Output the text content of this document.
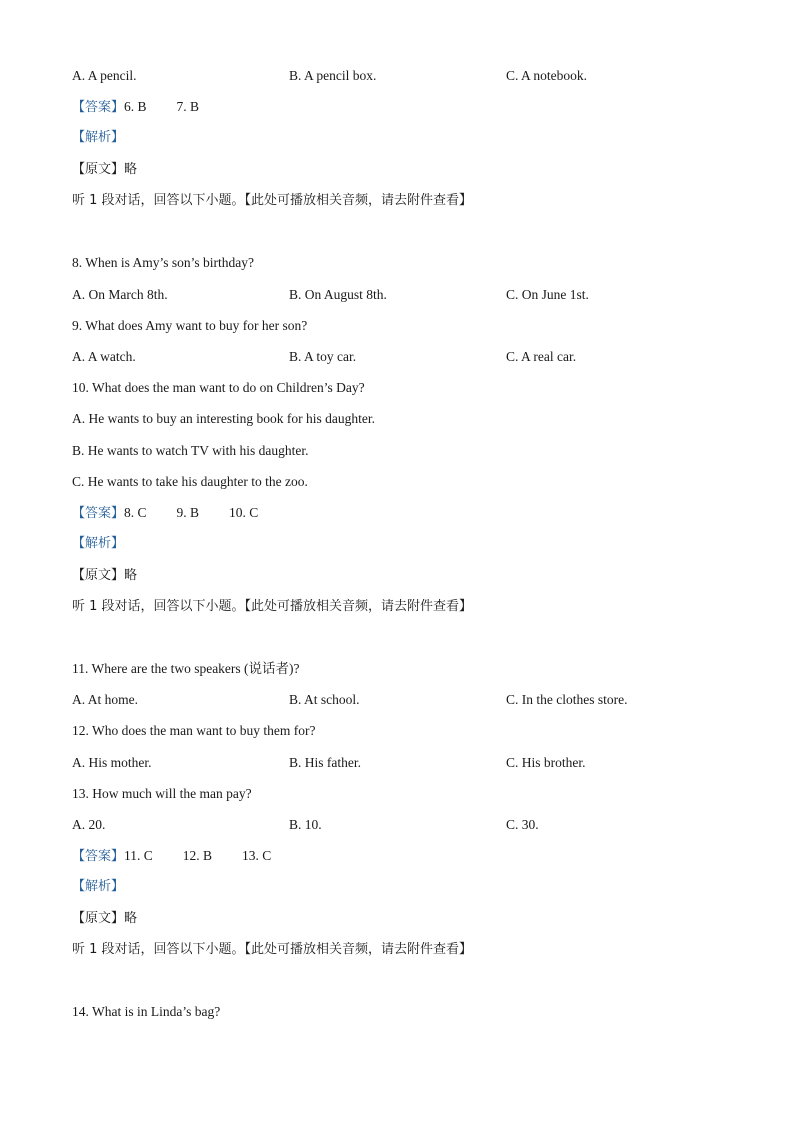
A. A pencil.	B. A pencil box.	C. A notebook.
【答案】6. B 7. B
【解析】
【原文】略
听 1 段对话，回答以下小题。【此处可播放相关音频，请去附件查看】
8. When is Amy’s son’s birthday?
A. On March 8th.	B. On August 8th.	C. On June 1st.
9. What does Amy want to buy for her son?
A. A watch.	B. A toy car.	C. A real car.
10. What does the man want to do on Children’s Day?
A. He wants to buy an interesting book for his daughter.
B. He wants to watch TV with his daughter.
C. He wants to take his daughter to the zoo.
【答案】8. C 9. B 10. C
【解析】
【原文】略
听 1 段对话，回答以下小题。【此处可播放相关音频，请去附件查看】
11. Where are the two speakers (说话者)?
A. At home.	B. At school.	C. In the clothes store.
12. Who does the man want to buy them for?
A. His mother.	B. His father.	C. His brother.
13. How much will the man pay?
A. 20.	B. 10.	C. 30.
【答案】11. C 12. B 13. C
【解析】
【原文】略
听 1 段对话，回答以下小题。【此处可播放相关音频，请去附件查看】
14. What is in Linda’s bag?
